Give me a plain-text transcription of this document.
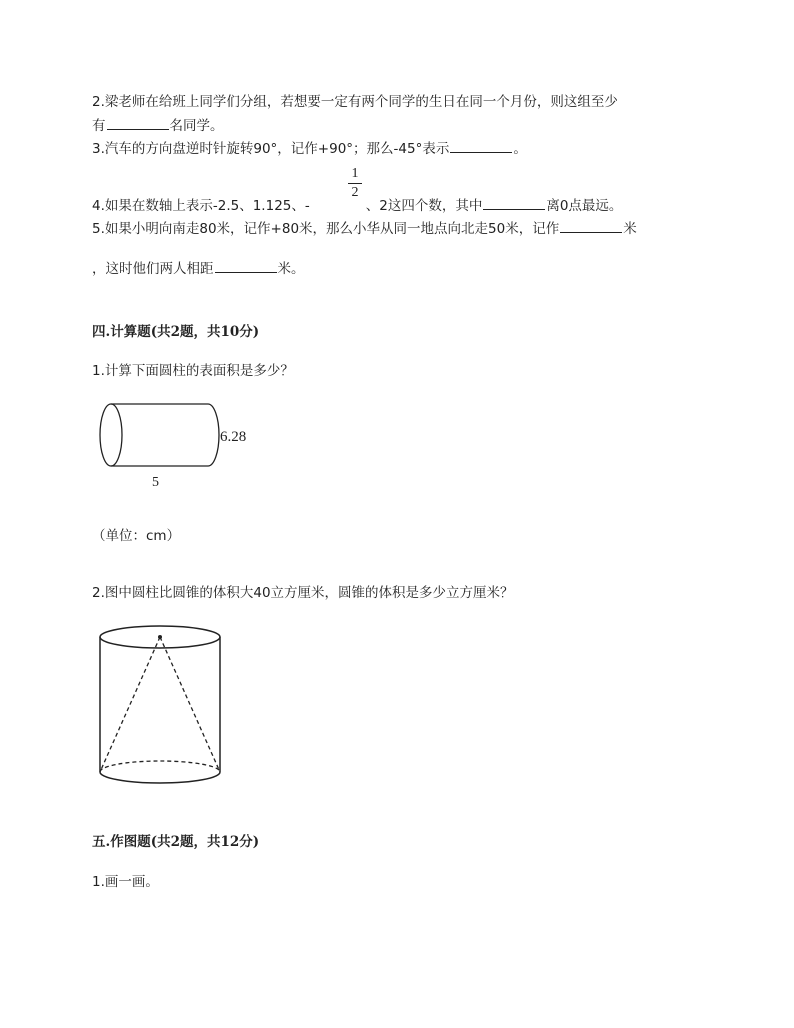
2.梁老师在给班上同学们分组，若想要一定有两个同学的生日在同一个月份，则这组至少
有	名同学。
3.汽车的方向盘逆时针旋转90°，记作+90°；那么-45°表示	。
1
2
4.如果在数轴上表示-2.5、1.125、-	、2这四个数，其中	离0点最远。
5.如果小明向南走80米，记作+80米，那么小华从同一地点向北走50米，记作	米
，这时他们两人相距	米。
四.计算题(共2题，共10分)
1.计算下面圆柱的表面积是多少？
6.28
5
（单位：cm）
2.图中圆柱比圆锥的体积大40立方厘米，圆锥的体积是多少立方厘米？
五.作图题(共2题，共12分)
1.画一画。
